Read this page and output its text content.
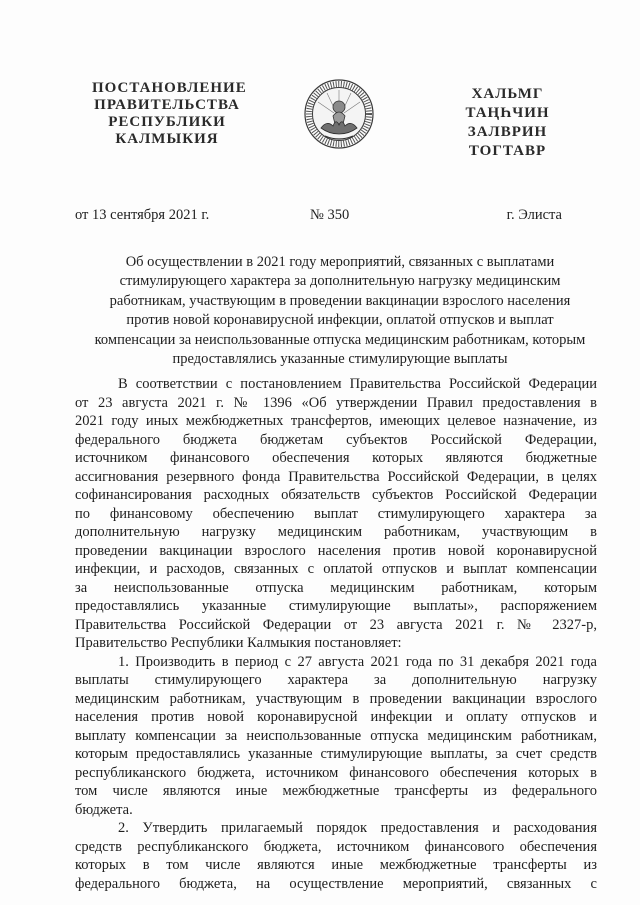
ПОСТАНОВЛЕНИЕ
ПРАВИТЕЛЬСТВА
РЕСПУБЛИКИ
КАЛМЫКИЯ
ХАЛЬМГ
ТАҢҺЧИН
ЗАЛВРИН
ТОГТАВР
от 13 сентября 2021 г.	№ 350	г. Элиста
Об осуществлении в 2021 году мероприятий, связанных с выплатами
стимулирующего характера за дополнительную нагрузку медицинским
работникам, участвующим в проведении вакцинации взрослого населения
против новой коронавирусной инфекции, оплатой отпусков и выплат
компенсации за неиспользованные отпуска медицинским работникам, которым
предоставлялись указанные стимулирующие выплаты
В соответствии с постановлением Правительства Российской Федерации
от 23 августа 2021 г. № 1396 «Об утверждении Правил предоставления в
2021 году иных межбюджетных трансфертов, имеющих целевое назначение, из
федерального бюджета бюджетам субъектов Российской Федерации,
источником финансового обеспечения которых являются бюджетные
ассигнования резервного фонда Правительства Российской Федерации, в целях
софинансирования расходных обязательств субъектов Российской Федерации
по финансовому обеспечению выплат стимулирующего характера за
дополнительную нагрузку медицинским работникам, участвующим в
проведении вакцинации взрослого населения против новой коронавирусной
инфекции, и расходов, связанных с оплатой отпусков и выплат компенсации
за неиспользованные отпуска медицинским работникам, которым
предоставлялись указанные стимулирующие выплаты», распоряжением
Правительства Российской Федерации от 23 августа 2021 г. № 2327-р,
Правительство Республики Калмыкия постановляет:
1. Производить в период с 27 августа 2021 года по 31 декабря 2021 года
выплаты стимулирующего характера за дополнительную нагрузку
медицинским работникам, участвующим в проведении вакцинации взрослого
населения против новой коронавирусной инфекции и оплату отпусков и
выплату компенсации за неиспользованные отпуска медицинским работникам,
которым предоставлялись указанные стимулирующие выплаты, за счет средств
республиканского бюджета, источником финансового обеспечения которых в
том числе являются иные межбюджетные трансферты из федерального
бюджета.
2. Утвердить прилагаемый порядок предоставления и расходования
средств республиканского бюджета, источником финансового обеспечения
которых в том числе являются иные межбюджетные трансферты из
федерального бюджета, на осуществление мероприятий, связанных с
